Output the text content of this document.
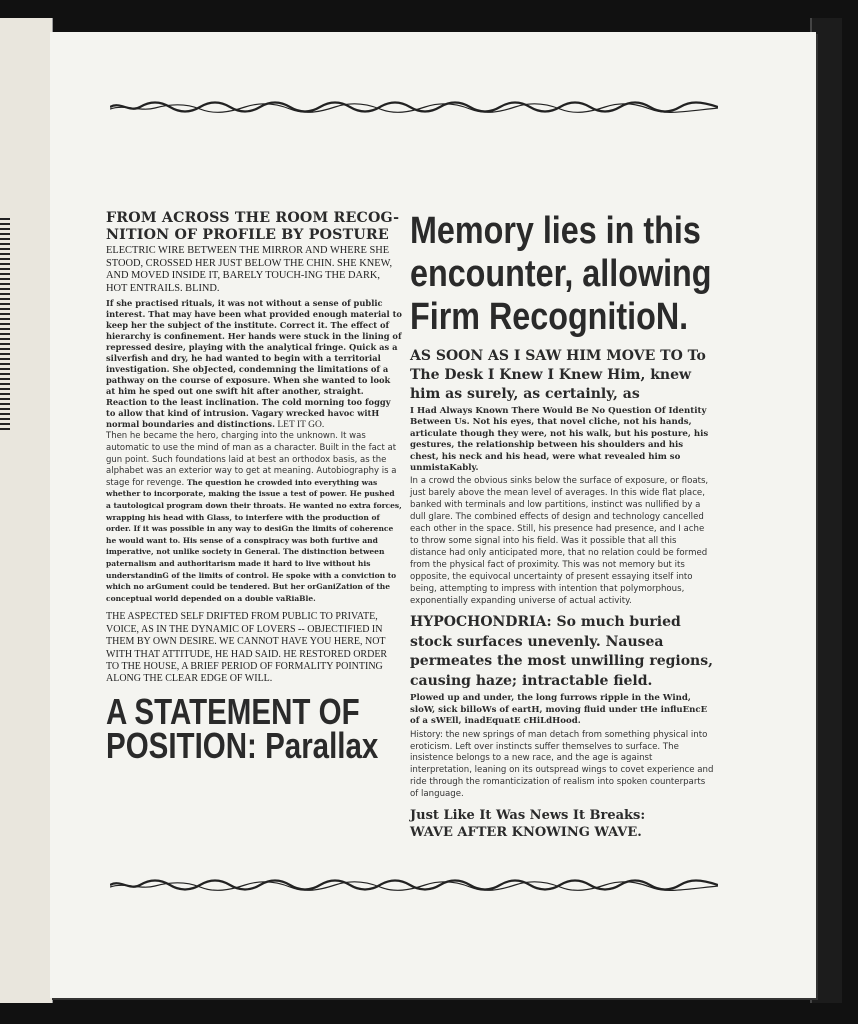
FROM ACROSS THE ROOM RECOG-
NITION OF PROFILE BY POSTURE
ELECTRIC WIRE BETWEEN THE MIRROR AND WHERE SHE STOOD, CROSSED HER JUST BELOW THE CHIN. SHE KNEW, AND MOVED INSIDE IT, BARELY TOUCH-ING THE DARK, HOT ENTRAILS. BLIND.
If she practised rituals, it was not without a sense of public interest. That may have been what provided enough material to keep her the subject of the institute. Correct it. The effect of hierarchy is confinement. Her hands were stuck in the lining of repressed desire, playing with the analytical fringe. Quick as a silverfish and dry, he had wanted to begin with a territorial investigation. She obJected, condemning the limitations of a pathway on the course of exposure. When she wanted to look at him he sped out one swift hit after another, straight. Reaction to the least inclination. The cold morning too foggy to allow that kind of intrusion. Vagary wrecked havoc witH normal boundaries and distinctions. LET IT GO.
Then he became the hero, charging into the unknown. It was automatic to use the mind of man as a character. Built in the fact at gun point. Such foundations laid at best an orthodox basis, as the alphabet was an exterior way to get at meaning. Autobiography is a stage for revenge. The question he crowded into everything was whether to incorporate, making the issue a test of power. He pushed a tautological program down their throats. He wanted no extra forces, wrapping his head with Glass, to interfere with the production of order. If it was possible in any way to desiGn the limits of coherence he would want to. His sense of a conspiracy was both furtive and imperative, not unlike society in General. The distinction between paternalism and authoritarism made it hard to live without his understandinG of the limits of control. He spoke with a conviction to which no arGument could be tendered. But her orGaniZation of the conceptual world depended on a double vaRiaBle.
THE ASPECTED SELF DRIFTED FROM PUBLIC TO PRIVATE, VOICE, AS IN THE DYNAMIC OF LOVERS -- OBJECTIFIED IN THEM BY OWN DESIRE. WE CANNOT HAVE YOU HERE, NOT WITH THAT ATTITUDE, HE HAD SAID. HE RESTORED ORDER TO THE HOUSE, A BRIEF PERIOD OF FORMALITY POINTING ALONG THE CLEAR EDGE OF WILL.
A STATEMENT OF
POSITION: Parallax
Memory lies in this
encounter, allowing
Firm RecognitioN.
AS SOON AS I SAW HIM MOVE TO To The Desk I Knew I Knew Him, knew him as surely, as certainly, as
I Had Always Known There Would Be No Question Of Identity Between Us. Not his eyes, that novel cliche, not his hands, articulate though they were, not his walk, but his posture, his gestures, the relationship between his shoulders and his chest, his neck and his head, were what revealed him so unmistaKably.
In a crowd the obvious sinks below the surface of exposure, or floats, just barely above the mean level of averages. In this wide flat place, banked with terminals and low partitions, instinct was nullified by a dull glare. The combined effects of design and technology cancelled each other in the space. Still, his presence had presence, and I ache to throw some signal into his field. Was it possible that all this distance had only anticipated more, that no relation could be formed from the physical fact of proximity. This was not memory but its opposite, the equivocal uncertainty of present essaying itself into being, attempting to impress with intention that polymorphous, exponentially expanding universe of actual activity.
HYPOCHONDRIA: So much buried stock surfaces unevenly. Nausea permeates the most unwilling regions, causing haze; intractable field.
Plowed up and under, the long furrows ripple in the Wind, sloW, sick billoWs of eartH, moving fluid under tHe influEncE of a sWEll, inadEquatE cHiLdHood.
History: the new springs of man detach from something physical into eroticism. Left over instincts suffer themselves to surface. The insistence belongs to a new race, and the age is against interpretation, leaning on its outspread wings to covet experience and ride through the romanticization of realism into spoken counterparts of language.
Just Like It Was News It Breaks:
WAVE AFTER KNOWING WAVE.
